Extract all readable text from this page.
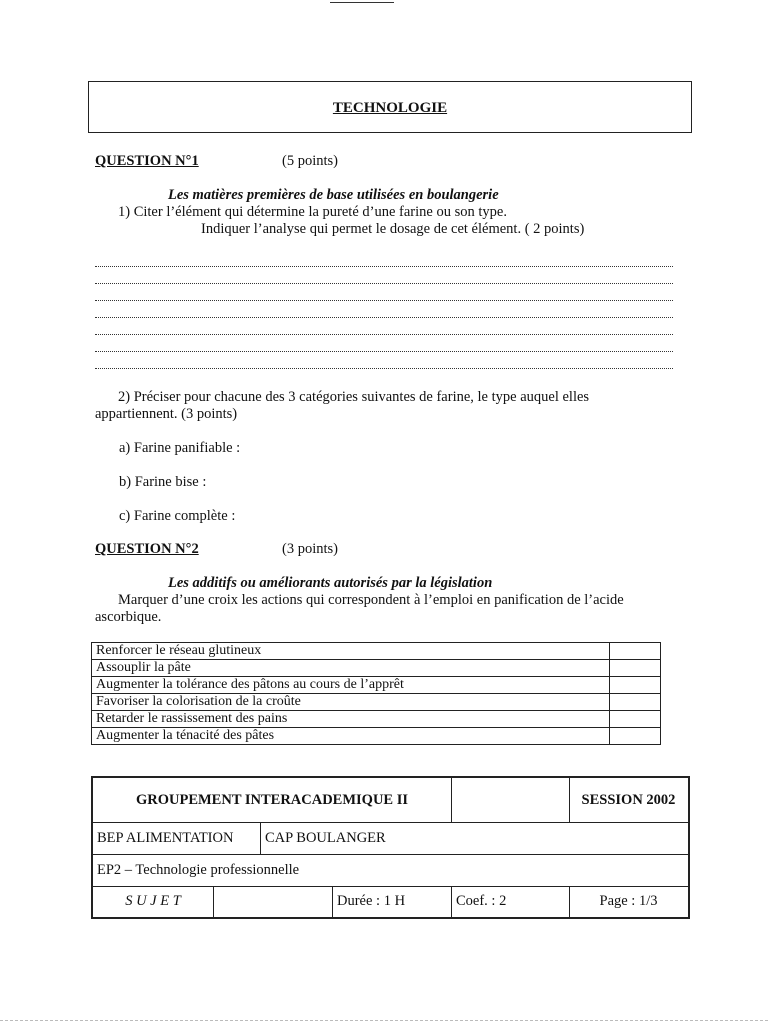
TECHNOLOGIE
QUESTION N°1	(5 points)
Les matières premières de base utilisées en boulangerie
1) Citer l’élément qui détermine la pureté d’une farine ou son type.
Indiquer l’analyse qui permet le dosage de cet élément. ( 2 points)
2) Préciser pour chacune des 3 catégories suivantes de farine, le type auquel elles
appartiennent. (3 points)
a) Farine panifiable :
b) Farine bise :
c) Farine complète :
QUESTION N°2	(3 points)
Les additifs ou améliorants autorisés par la législation
Marquer d’une croix les actions qui correspondent à l’emploi en panification de l’acide
ascorbique.
Renforcer le réseau glutineux	
Assouplir la pâte	
Augmenter la tolérance des pâtons au cours de l’apprêt	
Favoriser la colorisation de la croûte	
Retarder le rassissement des pains	
Augmenter la ténacité des pâtes	
GROUPEMENT INTERACADEMIQUE II	SESSION 2002
BEP ALIMENTATION CAP BOULANGER
EP2 – Technologie professionnelle
S U J E T	Durée : 1 H	Coef. : 2	Page : 1/3
